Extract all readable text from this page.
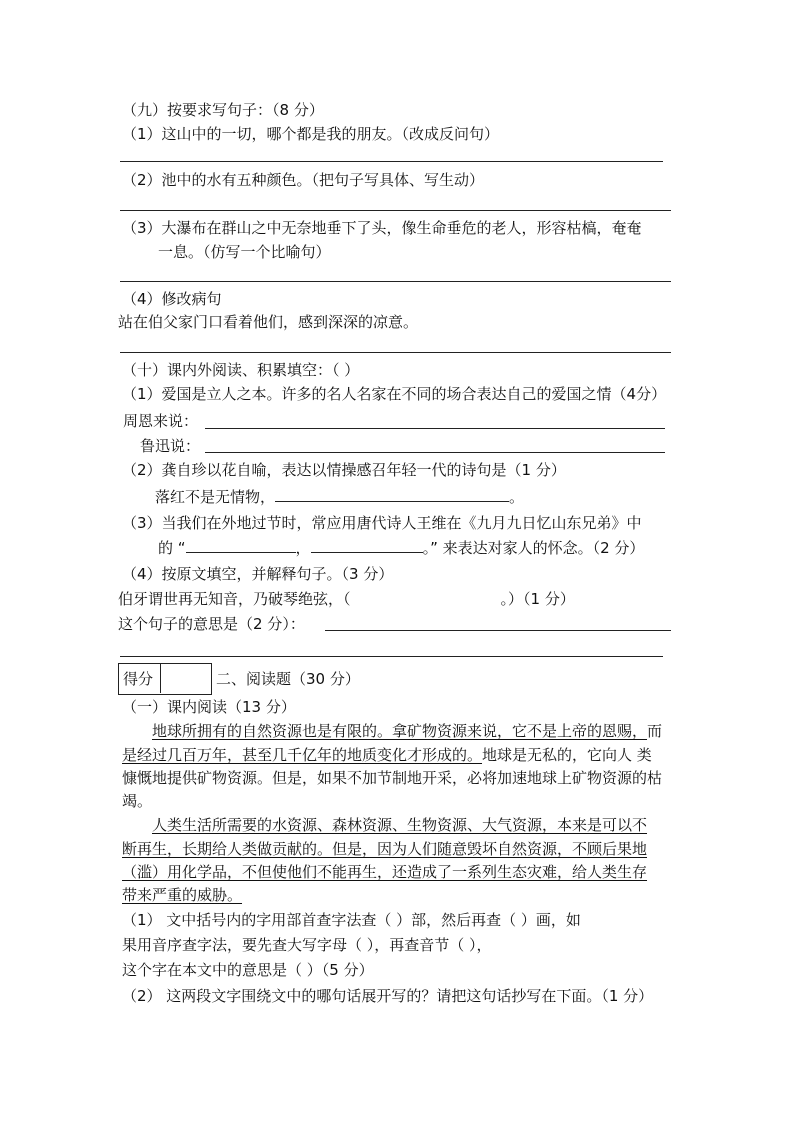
（九）按要求写句子：（8 分）
（1）这山中的一切，哪个都是我的朋友。（改成反问句）
（2）池中的水有五种颜色。（把句子写具体、写生动）
（3）大瀑布在群山之中无奈地垂下了头，像生命垂危的老人，形容枯槁，奄奄
一息。（仿写一个比喻句）
（4）修改病句
站在伯父家门口看着他们，感到深深的凉意。
（十）课内外阅读、积累填空：（ ）
（1）爱国是立人之本。许多的名人名家在不同的场合表达自己的爱国之情（4分）
周恩来说：
鲁迅说：
（2）龚自珍以花自喻，表达以情操感召年轻一代的诗句是（1 分）
落红不是无情物，	。
（3）当我们在外地过节时，常应用唐代诗人王维在《九月九日忆山东兄弟》中
的 “	，	。” 来表达对家人的怀念。（2 分）
（4）按原文填空，并解释句子。（3 分）
伯牙谓世再无知音，乃破琴绝弦，（	。）（1 分）
这个句子的意思是（2 分）：
得分	二、阅读题（30 分）
（一）课内阅读（13 分）
地球所拥有的自然资源也是有限的。拿矿物资源来说，它不是上帝的恩赐，而
是经过几百万年，甚至几千亿年的地质变化才形成的。地球是无私的，它向人 类
慷慨地提供矿物资源。但是，如果不加节制地开采，必将加速地球上矿物资源的枯
竭。
人类生活所需要的水资源、森林资源、生物资源、大气资源，本来是可以不
断再生，长期给人类做贡献的。但是，因为人们随意毁坏自然资源，不顾后果地
（滥）用化学品，不但使他们不能再生，还造成了一系列生态灾难，给人类生存
带来严重的威胁。
（1） 文中括号内的字用部首查字法查（ ）部，然后再查（ ）画，如
果用音序查字法，要先查大写字母（ ），再查音节（ ），
这个字在本文中的意思是（ ）（5 分）
（2） 这两段文字围绕文中的哪句话展开写的？请把这句话抄写在下面。（1 分）
